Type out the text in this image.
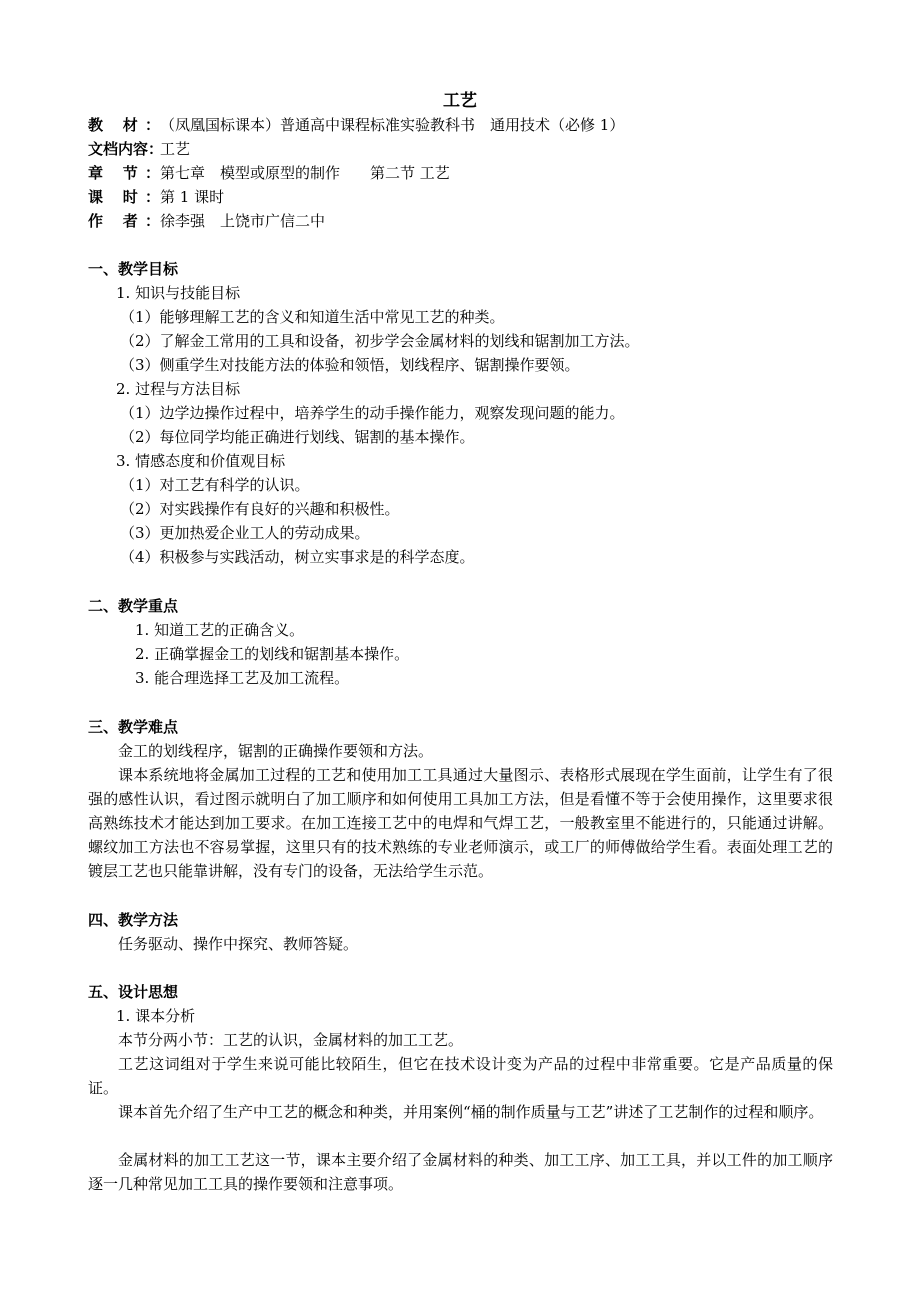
工艺
教 材：（凤凰国标课本）普通高中课程标准实验教科书　通用技术（必修 1）
文档内容：工艺
章 节：第七章　模型或原型的制作　　第二节 工艺
课 时：第 1 课时
作 者：徐李强　上饶市广信二中
一、教学目标
1. 知识与技能目标
（1）能够理解工艺的含义和知道生活中常见工艺的种类。
（2）了解金工常用的工具和设备，初步学会金属材料的划线和锯割加工方法。
（3）侧重学生对技能方法的体验和领悟，划线程序、锯割操作要领。
2. 过程与方法目标
（1）边学边操作过程中，培养学生的动手操作能力，观察发现问题的能力。
（2）每位同学均能正确进行划线、锯割的基本操作。
3. 情感态度和价值观目标
（1）对工艺有科学的认识。
（2）对实践操作有良好的兴趣和积极性。
（3）更加热爱企业工人的劳动成果。
（4）积极参与实践活动，树立实事求是的科学态度。
二、教学重点
1. 知道工艺的正确含义。
2. 正确掌握金工的划线和锯割基本操作。
3. 能合理选择工艺及加工流程。
三、教学难点
金工的划线程序，锯割的正确操作要领和方法。
课本系统地将金属加工过程的工艺和使用加工工具通过大量图示、表格形式展现在学生面前，让学生有了很强的感性认识，看过图示就明白了加工顺序和如何使用工具加工方法，但是看懂不等于会使用操作，这里要求很高熟练技术才能达到加工要求。在加工连接工艺中的电焊和气焊工艺，一般教室里不能进行的，只能通过讲解。螺纹加工方法也不容易掌握，这里只有的技术熟练的专业老师演示，或工厂的师傅做给学生看。表面处理工艺的镀层工艺也只能靠讲解，没有专门的设备，无法给学生示范。
四、教学方法
任务驱动、操作中探究、教师答疑。
五、设计思想
1. 课本分析
本节分两小节：工艺的认识，金属材料的加工工艺。
工艺这词组对于学生来说可能比较陌生，但它在技术设计变为产品的过程中非常重要。它是产品质量的保证。
课本首先介绍了生产中工艺的概念和种类，并用案例“桶的制作质量与工艺”讲述了工艺制作的过程和顺序。
金属材料的加工工艺这一节，课本主要介绍了金属材料的种类、加工工序、加工工具，并以工件的加工顺序逐一几种常见加工工具的操作要领和注意事项。
